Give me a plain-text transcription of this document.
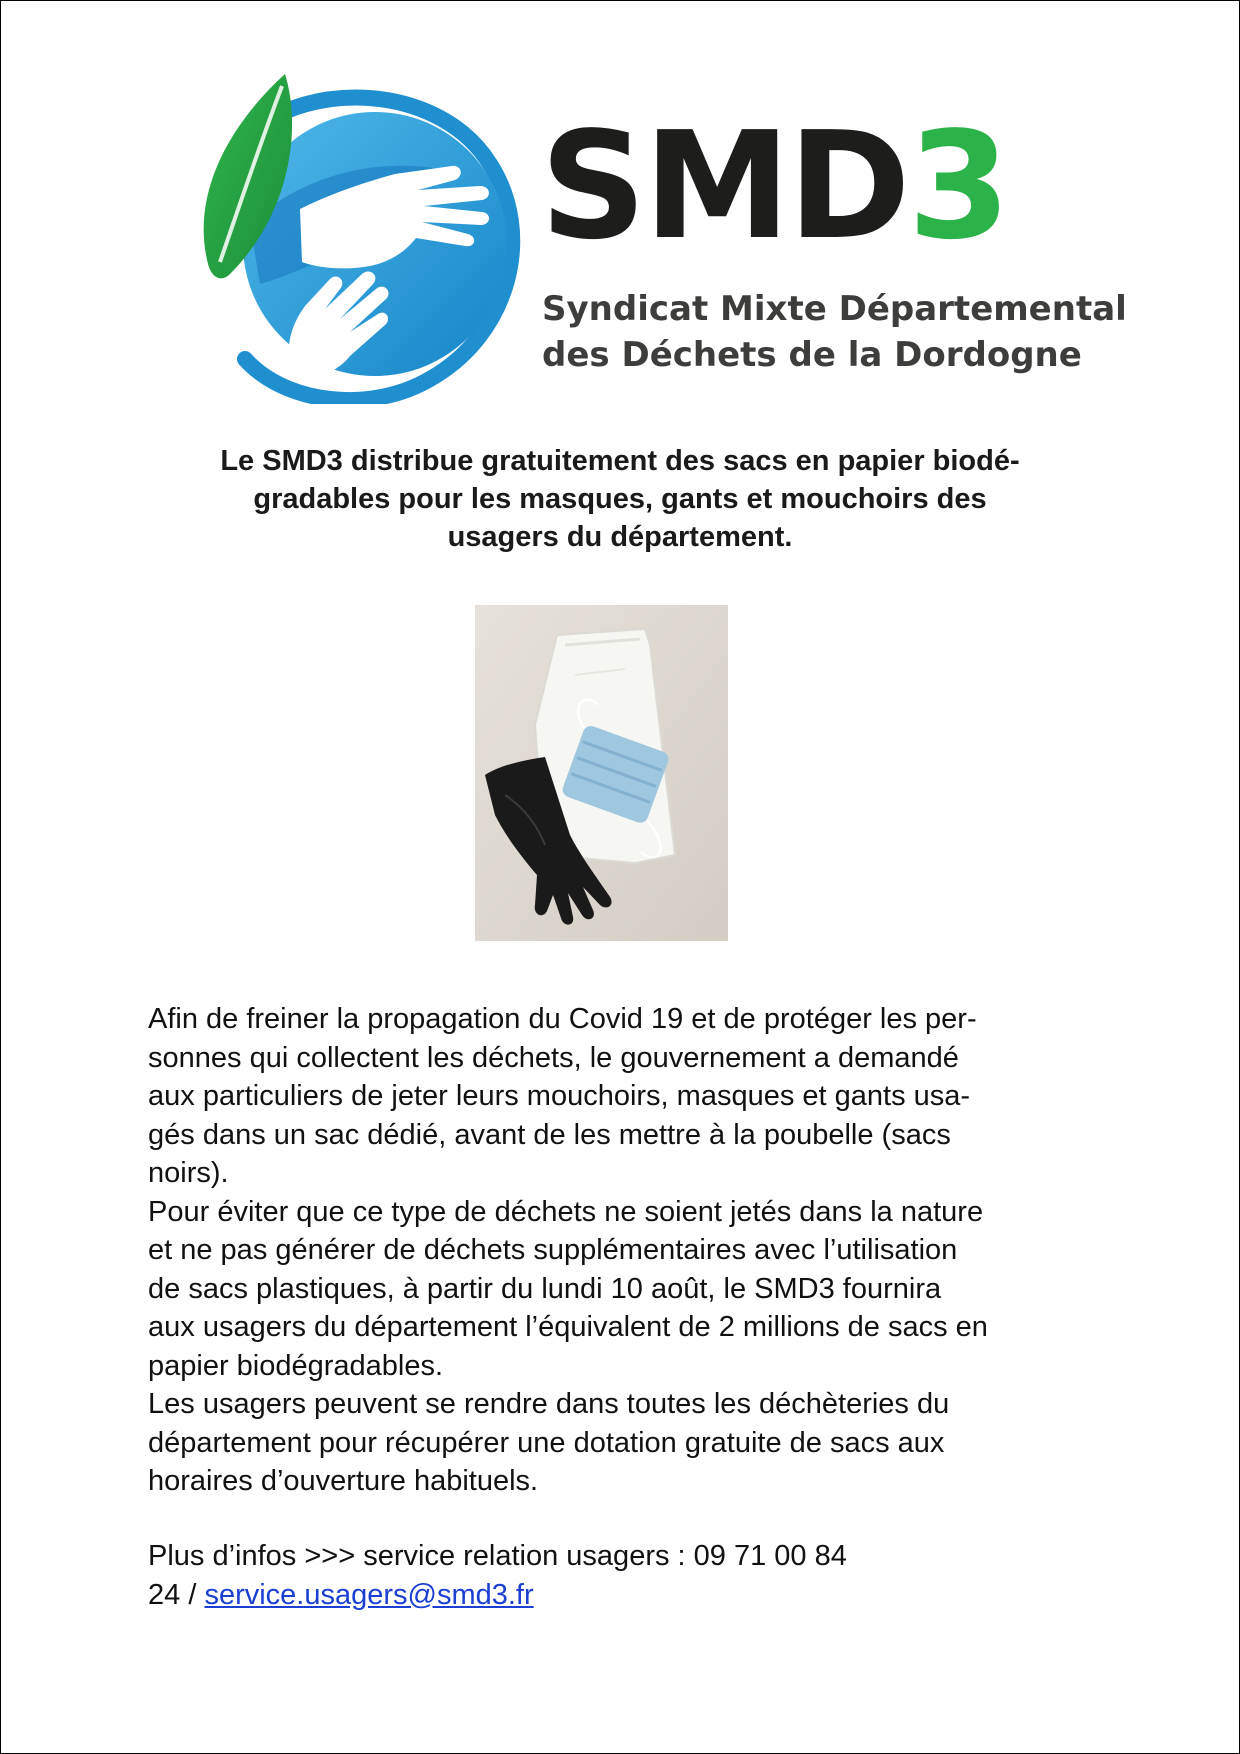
SMD3
Syndicat Mixte Départemental
des Déchets de la Dordogne
Le SMD3 distribue gratuitement des sacs en papier biodé-
gradables pour les masques, gants et mouchoirs des
usagers du département.
Afin de freiner la propagation du Covid 19 et de protéger les per-
sonnes qui collectent les déchets, le gouvernement a demandé
aux particuliers de jeter leurs mouchoirs, masques et gants usa-
gés dans un sac dédié, avant de les mettre à la poubelle (sacs
noirs).
Pour éviter que ce type de déchets ne soient jetés dans la nature
et ne pas générer de déchets supplémentaires avec l’utilisation
de sacs plastiques, à partir du lundi 10 août, le SMD3 fournira
aux usagers du département l’équivalent de 2 millions de sacs en
papier biodégradables.
Les usagers peuvent se rendre dans toutes les déchèteries du
département pour récupérer une dotation gratuite de sacs aux
horaires d’ouverture habituels.
Plus d’infos >>> service relation usagers : 09 71 00 84
24 / service.usagers@smd3.fr
